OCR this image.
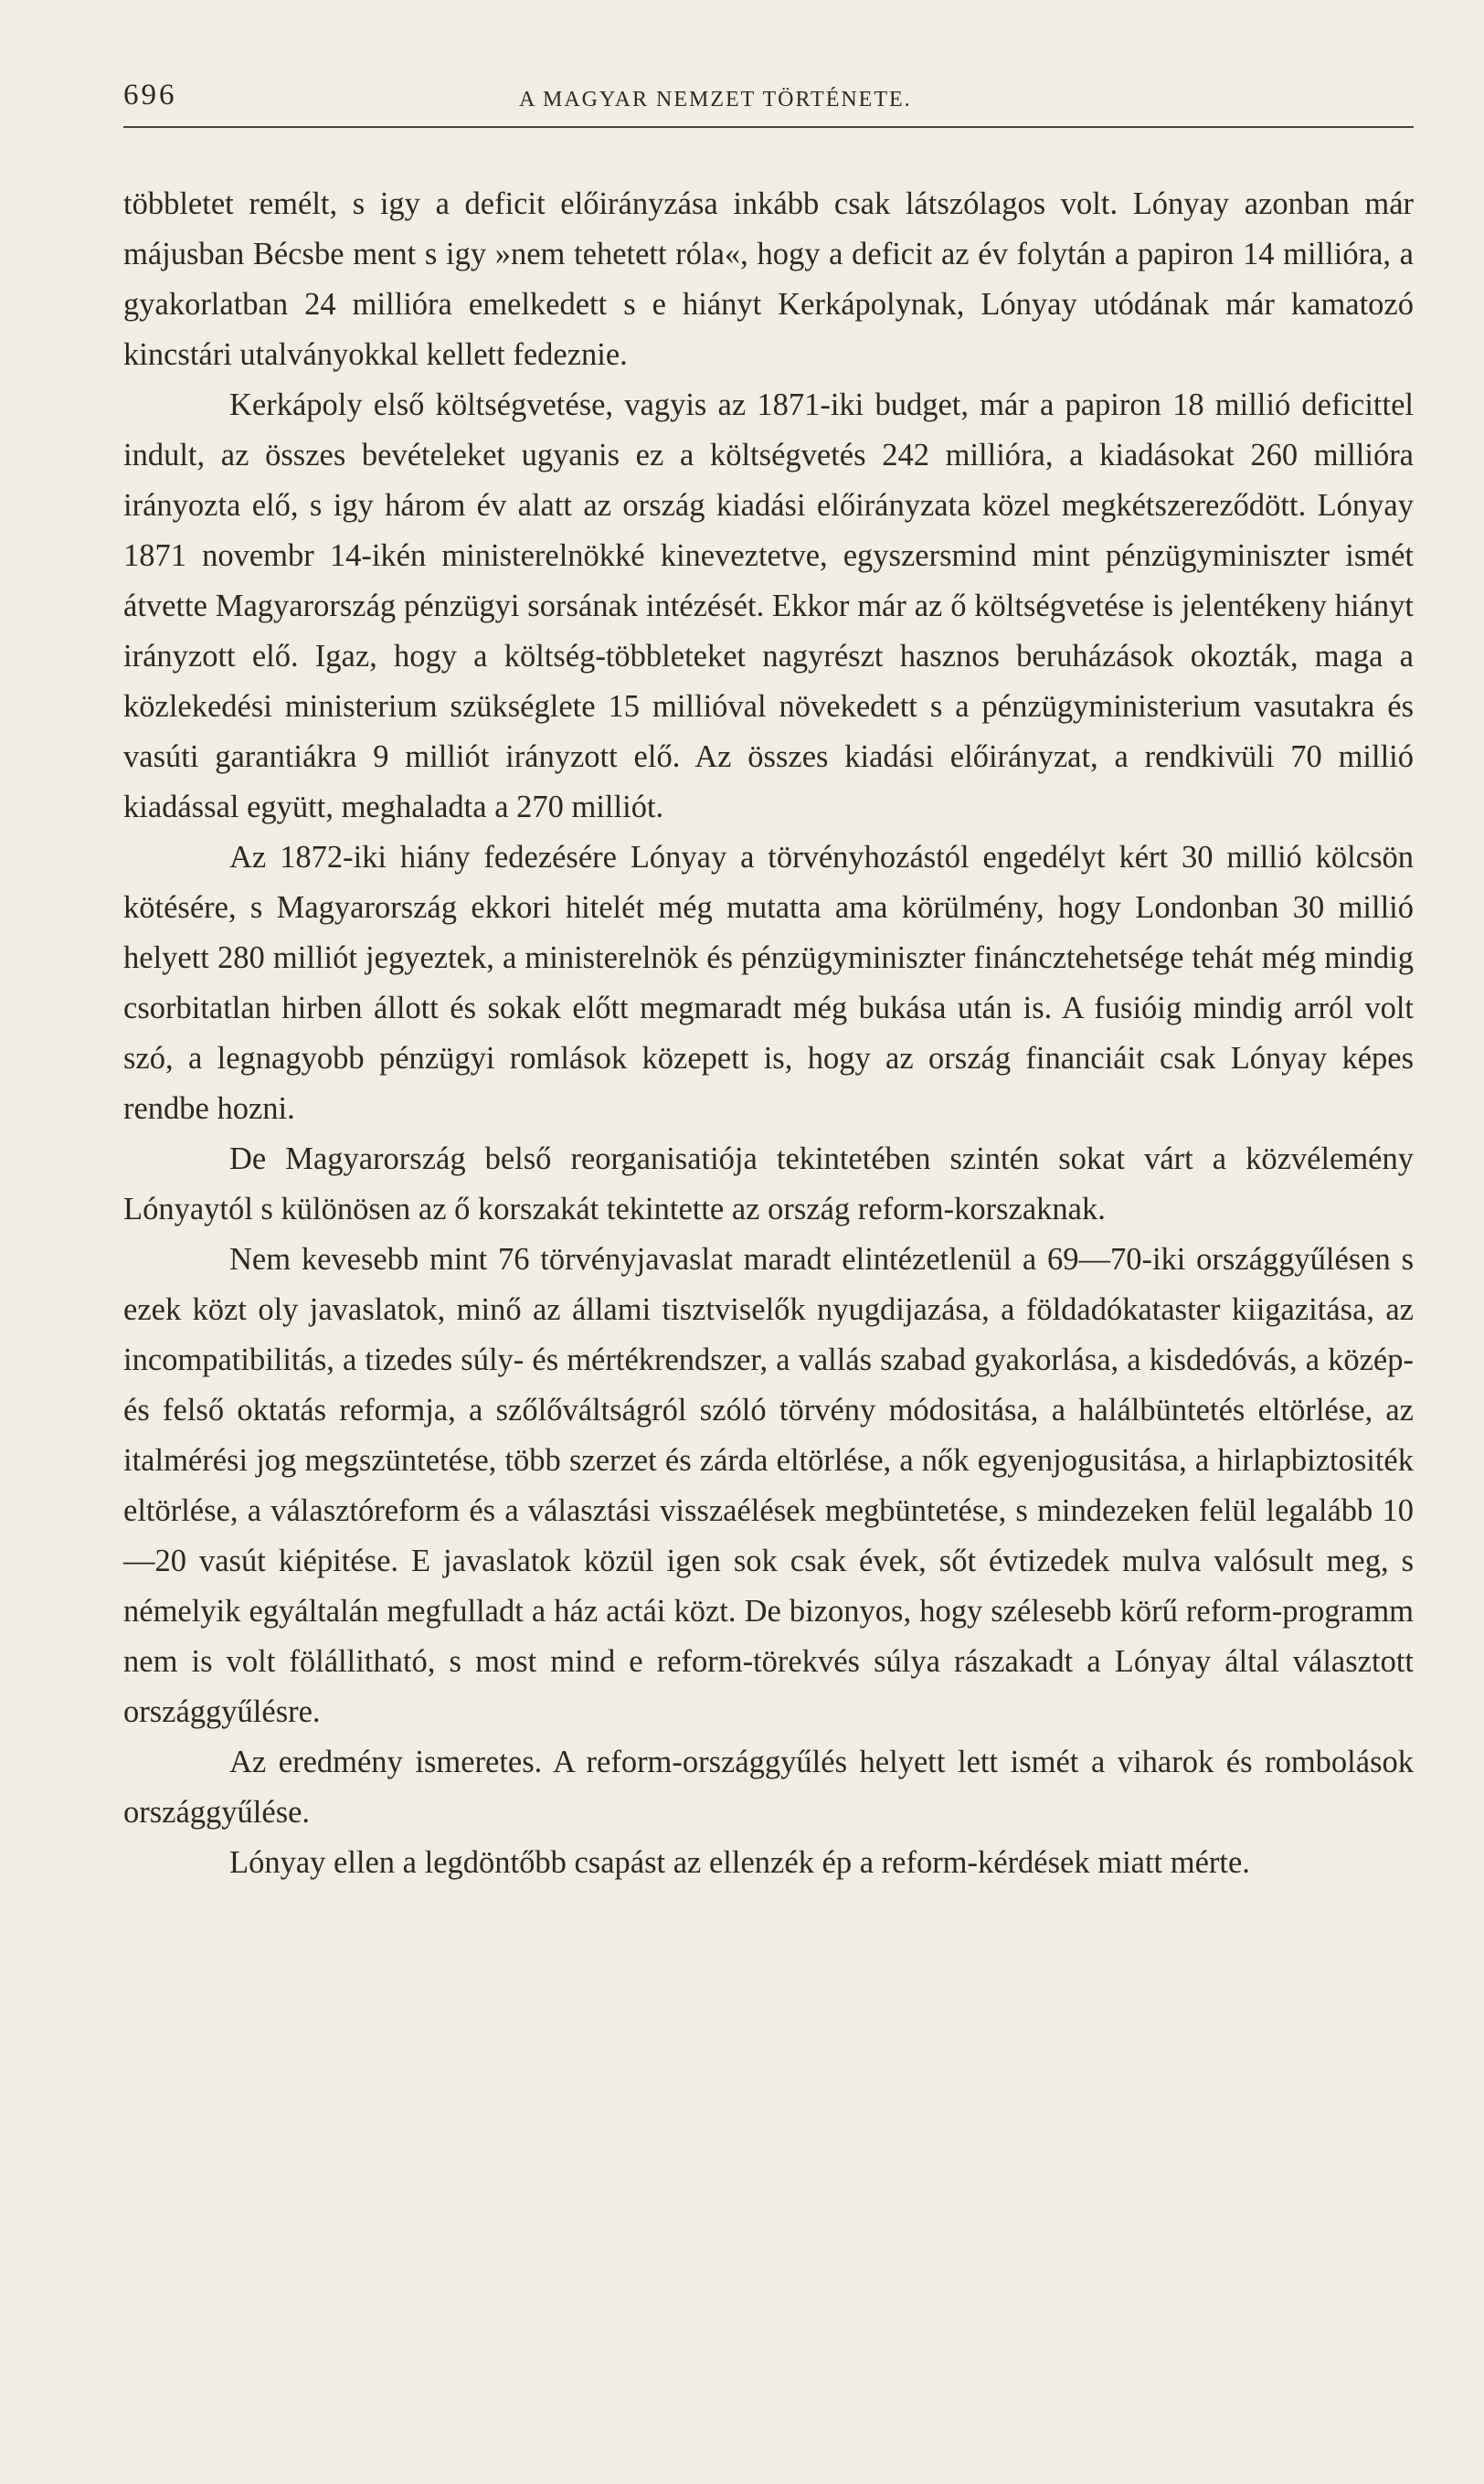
696	A MAGYAR NEMZET TÖRTÉNETE.

többletet remélt, s igy a deficit előirányzása inkább csak látszólagos volt. Lónyay azonban már májusban Bécsbe ment s igy »nem tehetett róla«, hogy a deficit az év folytán a papiron 14 millióra, a gyakorlatban 24 millióra emelkedett s e hiányt Kerkápolynak, Lónyay utódának már kamatozó kincstári utalványokkal kellett fedeznie.

Kerkápoly első költségvetése, vagyis az 1871-iki budget, már a papiron 18 millió deficittel indult, az összes bevételeket ugyanis ez a költségvetés 242 millióra, a kiadásokat 260 millióra irányozta elő, s igy három év alatt az ország kiadási előirányzata közel megkétszereződött. Lónyay 1871 novembr 14-ikén ministerelnökké kineveztetve, egyszersmind mint pénzügyminiszter ismét átvette Magyarország pénzügyi sorsának intézését. Ekkor már az ő költségvetése is jelentékeny hiányt irányzott elő. Igaz, hogy a költség-többleteket nagyrészt hasznos beruházások okozták, maga a közlekedési ministerium szükséglete 15 millióval növekedett s a pénzügyministerium vasutakra és vasúti garantiákra 9 milliót irányzott elő. Az összes kiadási előirányzat, a rendkivüli 70 millió kiadással együtt, meghaladta a 270 milliót.

Az 1872-iki hiány fedezésére Lónyay a törvényhozástól engedélyt kért 30 millió kölcsön kötésére, s Magyarország ekkori hitelét még mutatta ama körülmény, hogy Londonban 30 millió helyett 280 milliót jegyeztek, a ministerelnök és pénzügyminiszter fináncztehetsége tehát még mindig csorbitatlan hirben állott és sokak előtt megmaradt még bukása után is. A fusióig mindig arról volt szó, a legnagyobb pénzügyi romlások közepett is, hogy az ország financiáit csak Lónyay képes rendbe hozni.

De Magyarország belső reorganisatiója tekintetében szintén sokat várt a közvélemény Lónyaytól s különösen az ő korszakát tekintette az ország reform-korszaknak.

Nem kevesebb mint 76 törvényjavaslat maradt elintézetlenül a 69—70-iki országgyűlésen s ezek közt oly javaslatok, minő az állami tisztviselők nyugdijazása, a földadókataster kiigazitása, az incompatibilitás, a tizedes súly- és mértékrendszer, a vallás szabad gyakorlása, a kisdedóvás, a közép- és felső oktatás reformja, a szőlőváltságról szóló törvény módositása, a halálbüntetés eltörlése, az italmérési jog megszüntetése, több szerzet és zárda eltörlése, a nők egyenjogusitása, a hirlapbiztositék eltörlése, a választóreform és a választási visszaélések megbüntetése, s mindezeken felül legalább 10—20 vasút kiépitése. E javaslatok közül igen sok csak évek, sőt évtizedek mulva valósult meg, s némelyik egyáltalán megfulladt a ház actái közt. De bizonyos, hogy szélesebb körű reform-programm nem is volt fölállitható, s most mind e reform-törekvés súlya rászakadt a Lónyay által választott országgyűlésre.

Az eredmény ismeretes. A reform-országgyűlés helyett lett ismét a viharok és rombolások országgyűlése.

Lónyay ellen a legdöntőbb csapást az ellenzék ép a reform-kérdések miatt mérte.
